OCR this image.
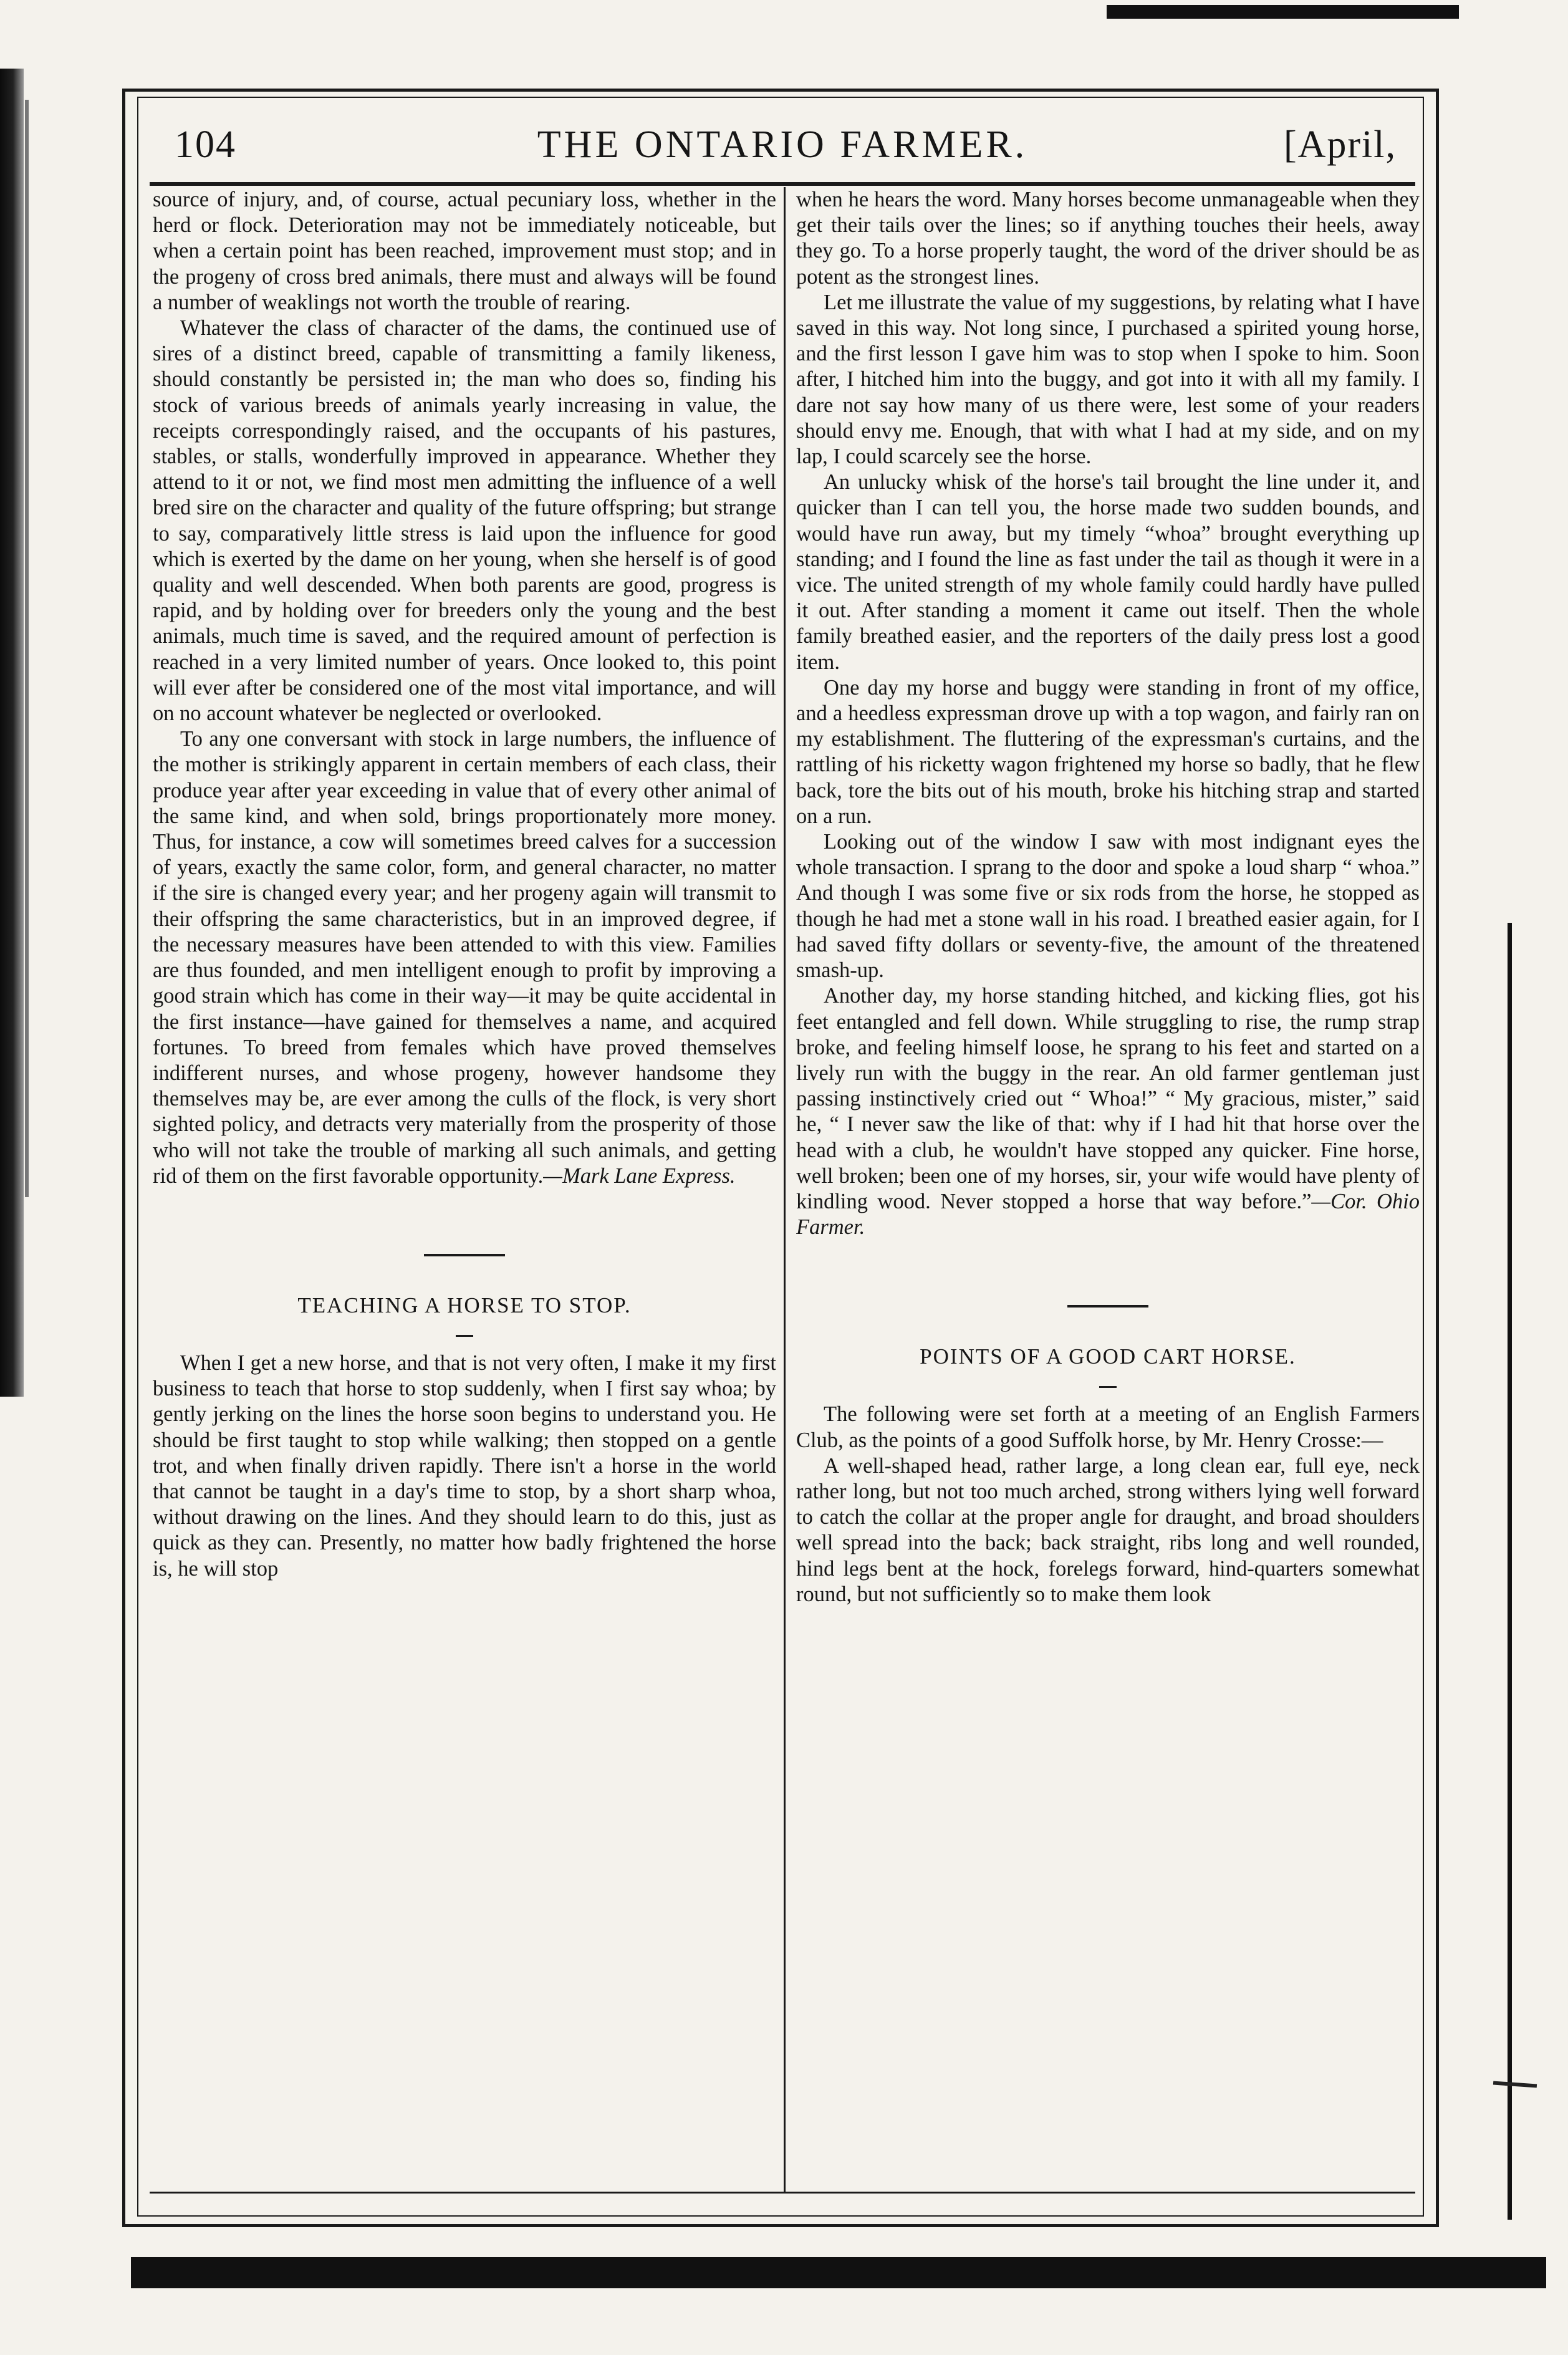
THE ONTARIO FARMER.
104	[April,

source of injury, and, of course, actual pecuniary loss, whether in the herd or flock. Deterioration may not be immediately noticeable, but when a certain point has been reached, improvement must stop; and in the progeny of cross bred animals, there must and always will be found a number of weaklings not worth the trouble of rearing.

Whatever the class of character of the dams, the continued use of sires of a distinct breed, capable of transmitting a family likeness, should constantly be persisted in; the man who does so, finding his stock of various breeds of animals yearly increasing in value, the receipts correspondingly raised, and the occupants of his pastures, stables, or stalls, wonderfully improved in appearance. Whether they attend to it or not, we find most men admitting the influence of a well bred sire on the character and quality of the future offspring; but strange to say, comparatively little stress is laid upon the influence for good which is exerted by the dame on her young, when she herself is of good quality and well descended. When both parents are good, progress is rapid, and by holding over for breeders only the young and the best animals, much time is saved, and the required amount of perfection is reached in a very limited number of years. Once looked to, this point will ever after be considered one of the most vital importance, and will on no account whatever be neglected or overlooked.

To any one conversant with stock in large numbers, the influence of the mother is strikingly apparent in certain members of each class, their produce year after year exceeding in value that of every other animal of the same kind, and when sold, brings proportionately more money. Thus, for instance, a cow will sometimes breed calves for a succession of years, exactly the same color, form, and general character, no matter if the sire is changed every year; and her progeny again will transmit to their offspring the same characteristics, but in an improved degree, if the necessary measures have been attended to with this view. Families are thus founded, and men intelligent enough to profit by improving a good strain which has come in their way—it may be quite accidental in the first instance—have gained for themselves a name, and acquired fortunes. To breed from females which have proved themselves indifferent nurses, and whose progeny, however handsome they themselves may be, are ever among the culls of the flock, is very short sighted policy, and detracts very materially from the prosperity of those who will not take the trouble of marking all such animals, and getting rid of them on the first favorable opportunity.—Mark Lane Express.

TEACHING A HORSE TO STOP.

When I get a new horse, and that is not very often, I make it my first business to teach that horse to stop suddenly, when I first say whoa; by gently jerking on the lines the horse soon begins to understand you. He should be first taught to stop while walking; then stopped on a gentle trot, and when finally driven rapidly. There isn't a horse in the world that cannot be taught in a day's time to stop, by a short sharp whoa, without drawing on the lines. And they should learn to do this, just as quick as they can. Presently, no matter how badly frightened the horse is, he will stop

when he hears the word. Many horses become unmanageable when they get their tails over the lines; so if anything touches their heels, away they go. To a horse properly taught, the word of the driver should be as potent as the strongest lines.

Let me illustrate the value of my suggestions, by relating what I have saved in this way. Not long since, I purchased a spirited young horse, and the first lesson I gave him was to stop when I spoke to him. Soon after, I hitched him into the buggy, and got into it with all my family. I dare not say how many of us there were, lest some of your readers should envy me. Enough, that with what I had at my side, and on my lap, I could scarcely see the horse.

An unlucky whisk of the horse's tail brought the line under it, and quicker than I can tell you, the horse made two sudden bounds, and would have run away, but my timely “whoa” brought everything up standing; and I found the line as fast under the tail as though it were in a vice. The united strength of my whole family could hardly have pulled it out. After standing a moment it came out itself. Then the whole family breathed easier, and the reporters of the daily press lost a good item.

One day my horse and buggy were standing in front of my office, and a heedless expressman drove up with a top wagon, and fairly ran on my establishment. The fluttering of the expressman's curtains, and the rattling of his ricketty wagon frightened my horse so badly, that he flew back, tore the bits out of his mouth, broke his hitching strap and started on a run.

Looking out of the window I saw with most indignant eyes the whole transaction. I sprang to the door and spoke a loud sharp “ whoa.” And though I was some five or six rods from the horse, he stopped as though he had met a stone wall in his road. I breathed easier again, for I had saved fifty dollars or seventy-five, the amount of the threatened smash-up.

Another day, my horse standing hitched, and kicking flies, got his feet entangled and fell down. While struggling to rise, the rump strap broke, and feeling himself loose, he sprang to his feet and started on a lively run with the buggy in the rear. An old farmer gentleman just passing instinctively cried out “ Whoa!” “ My gracious, mister,” said he, “ I never saw the like of that: why if I had hit that horse over the head with a club, he wouldn't have stopped any quicker. Fine horse, well broken; been one of my horses, sir, your wife would have plenty of kindling wood. Never stopped a horse that way before.”—Cor. Ohio Farmer.

POINTS OF A GOOD CART HORSE.

The following were set forth at a meeting of an English Farmers Club, as the points of a good Suffolk horse, by Mr. Henry Crosse:—

A well-shaped head, rather large, a long clean ear, full eye, neck rather long, but not too much arched, strong withers lying well forward to catch the collar at the proper angle for draught, and broad shoulders well spread into the back; back straight, ribs long and well rounded, hind legs bent at the hock, forelegs forward, hind-quarters somewhat round, but not sufficiently so to make them look
